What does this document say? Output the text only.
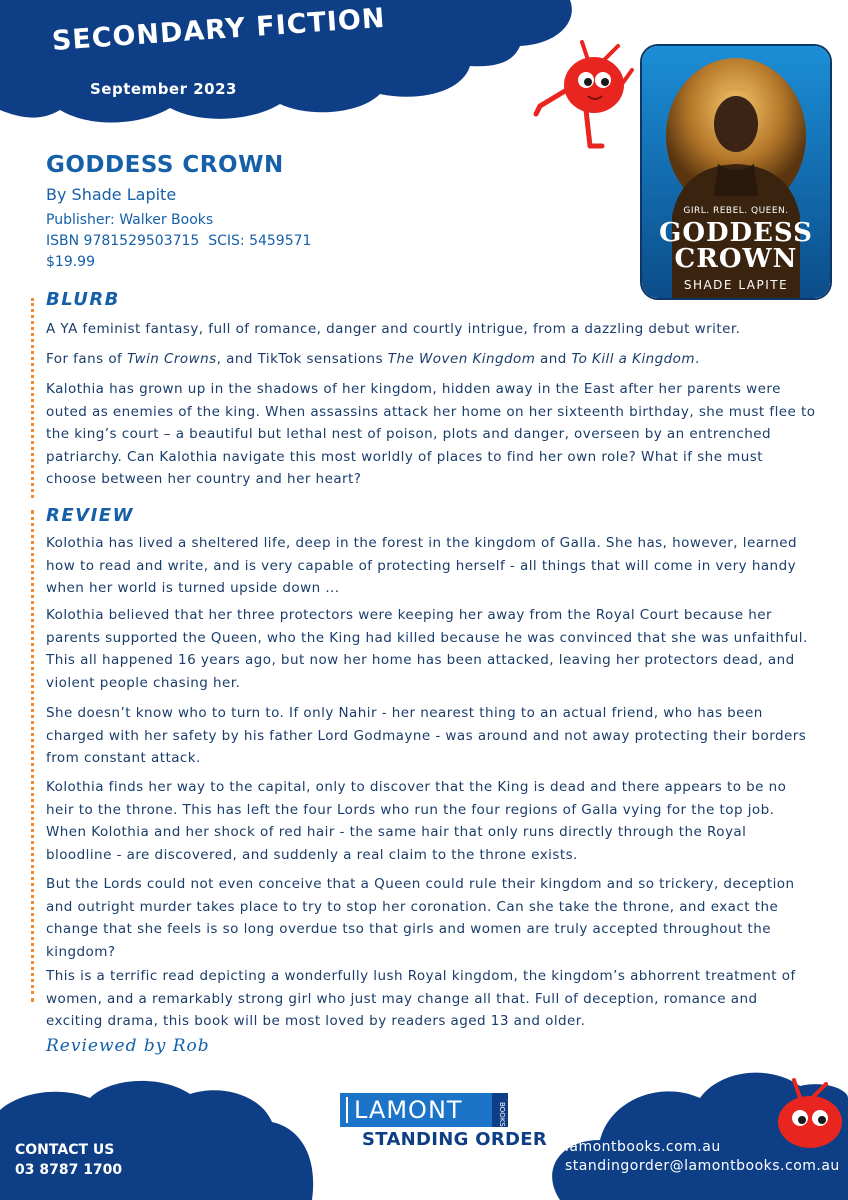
SECONDARY FICTION
September 2023
GIRL. REBEL. QUEEN.
GODDESS
CROWN
SHADE LAPITE
GODDESS CROWN
By Shade Lapite
Publisher: Walker Books
ISBN 9781529503715  SCIS: 5459571
$19.99
BLURB

A YA feminist fantasy, full of romance, danger and courtly intrigue, from a dazzling debut writer.

For fans of Twin Crowns, and TikTok sensations The Woven Kingdom and To Kill a Kingdom.

Kalothia has grown up in the shadows of her kingdom, hidden away in the East after her parents were outed as enemies of the king. When assassins attack her home on her sixteenth birthday, she must flee to the king’s court – a beautiful but lethal nest of poison, plots and danger, overseen by an entrenched patriarchy. Can Kalothia navigate this most worldly of places to find her own role? What if she must choose between her country and her heart?

REVIEW

Kolothia has lived a sheltered life, deep in the forest in the kingdom of Galla. She has, however, learned how to read and write, and is very capable of protecting herself - all things that will come in very handy when her world is turned upside down ...

Kolothia believed that her three protectors were keeping her away from the Royal Court because her parents supported the Queen, who the King had killed because he was convinced that she was unfaithful. This all happened 16 years ago, but now her home has been attacked, leaving her protectors dead, and violent people chasing her.

She doesn’t know who to turn to. If only Nahir - her nearest thing to an actual friend, who has been charged with her safety by his father Lord Godmayne - was around and not away protecting their borders from constant attack.

Kolothia finds her way to the capital, only to discover that the King is dead and there appears to be no heir to the throne. This has left the four Lords who run the four regions of Galla vying for the top job. When Kolothia and her shock of red hair - the same hair that only runs directly through the Royal bloodline - are discovered, and suddenly a real claim to the throne exists.

But the Lords could not even conceive that a Queen could rule their kingdom and so trickery, deception and outright murder takes place to try to stop her coronation. Can she take the throne, and exact the change that she feels is so long overdue tso that girls and women are truly accepted throughout the kingdom?

This is a terrific read depicting a wonderfully lush Royal kingdom, the kingdom’s abhorrent treatment of women, and a remarkably strong girl who just may change all that. Full of deception, romance and exciting drama, this book will be most loved by readers aged 13 and older.

Reviewed by Rob
LAMONT	BOOKS
STANDING ORDER
CONTACT US
03 8787 1700
lamontbooks.com.au
standingorder@lamontbooks.com.au
